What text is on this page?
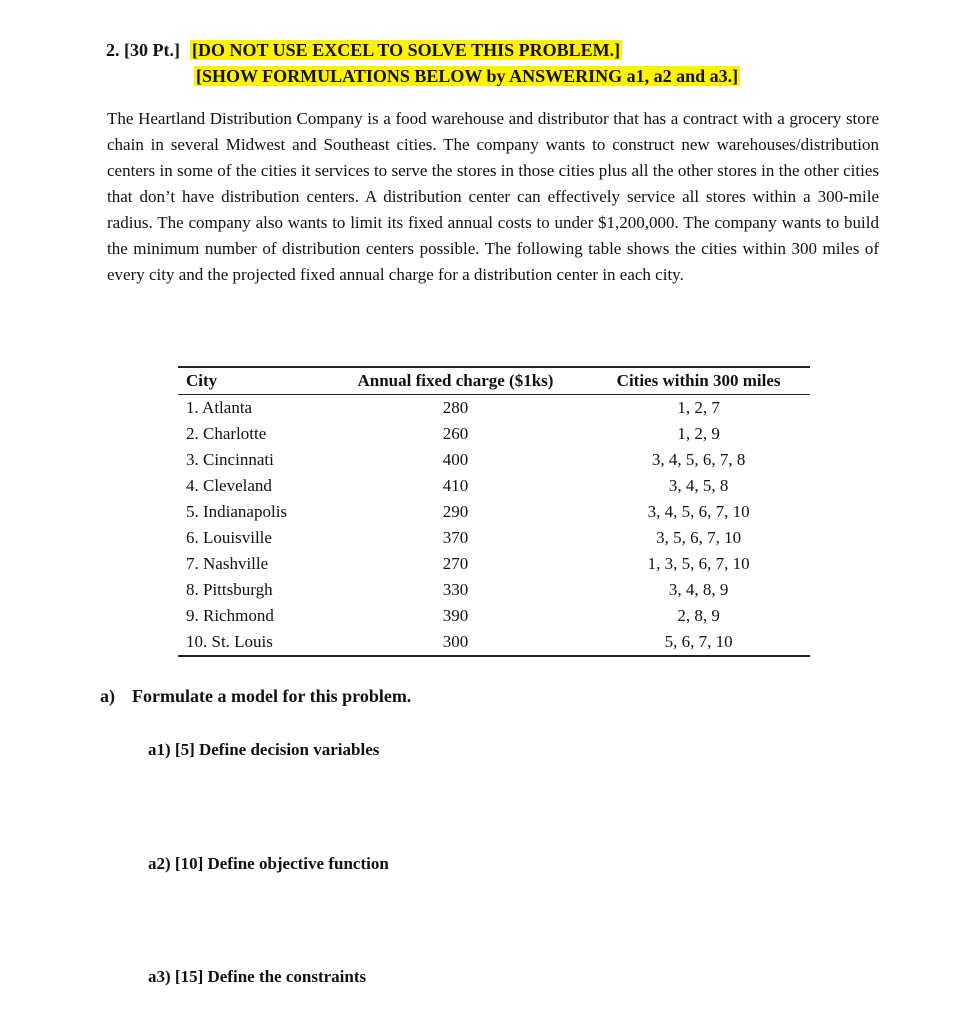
2. [30 Pt.] [DO NOT USE EXCEL TO SOLVE THIS PROBLEM.]
[SHOW FORMULATIONS BELOW by ANSWERING a1, a2 and a3.]

The Heartland Distribution Company is a food warehouse and distributor that has a contract with a grocery store chain in several Midwest and Southeast cities. The company wants to construct new warehouses/distribution centers in some of the cities it services to serve the stores in those cities plus all the other stores in the other cities that don’t have distribution centers. A distribution center can effectively service all stores within a 300-mile radius. The company also wants to limit its fixed annual costs to under $1,200,000. The company wants to build the minimum number of distribution centers possible. The following table shows the cities within 300 miles of every city and the projected fixed annual charge for a distribution center in each city.

City	Annual fixed charge ($1ks)	Cities within 300 miles
1. Atlanta	280	1, 2, 7
2. Charlotte	260	1, 2, 9
3. Cincinnati	400	3, 4, 5, 6, 7, 8
4. Cleveland	410	3, 4, 5, 8
5. Indianapolis	290	3, 4, 5, 6, 7, 10
6. Louisville	370	3, 5, 6, 7, 10
7. Nashville	270	1, 3, 5, 6, 7, 10
8. Pittsburgh	330	3, 4, 8, 9
9. Richmond	390	2, 8, 9
10. St. Louis	300	5, 6, 7, 10
a) Formulate a model for this problem.
a1) [5] Define decision variables
a2) [10] Define objective function
a3) [15] Define the constraints
